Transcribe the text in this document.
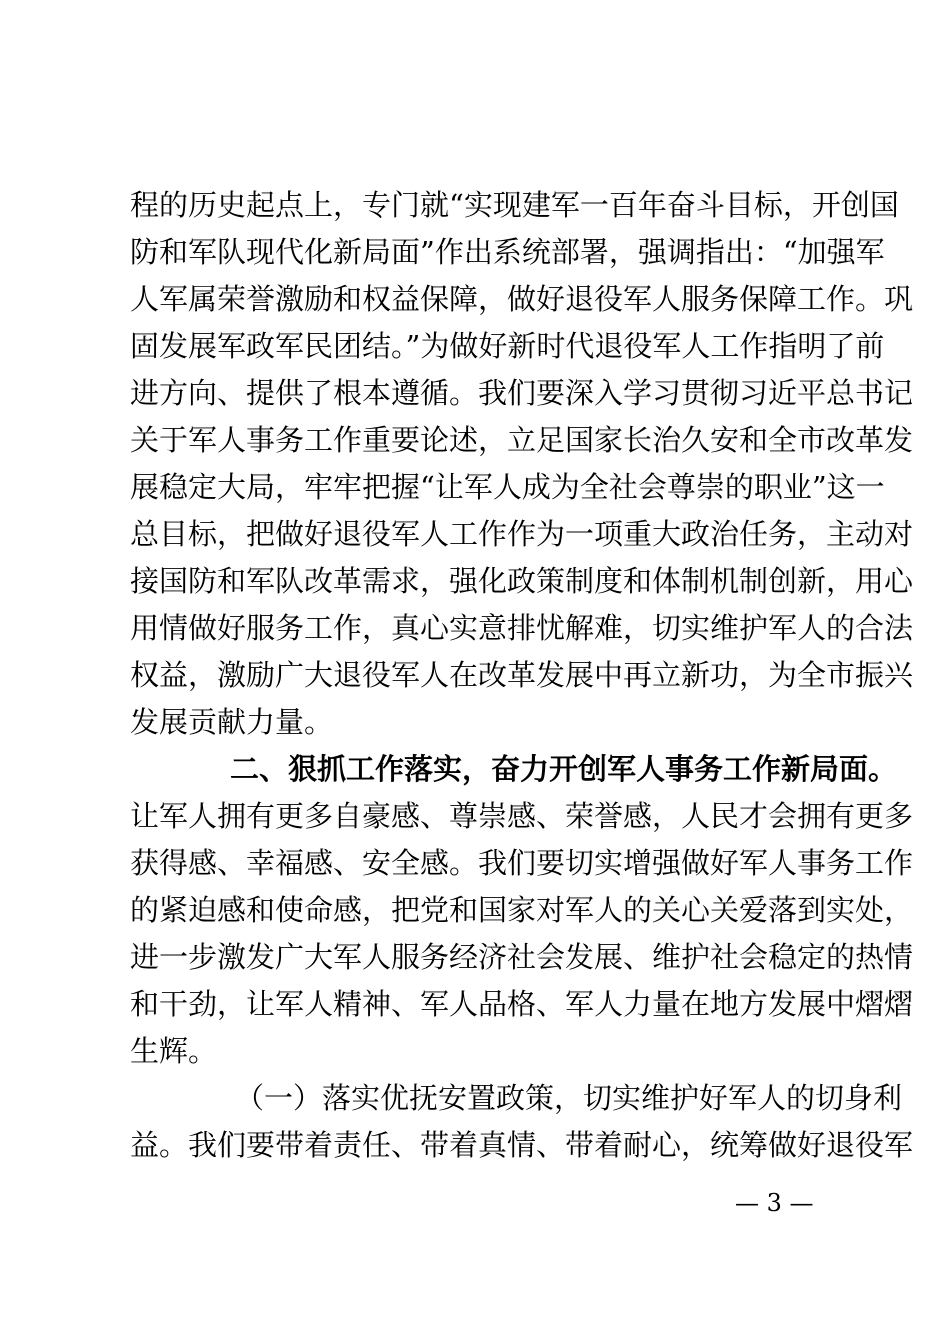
程的历史起点上，专门就“实现建军一百年奋斗目标，开创国
防和军队现代化新局面”作出系统部署，强调指出：“加强军
人军属荣誉激励和权益保障，做好退役军人服务保障工作。巩
固发展军政军民团结。”为做好新时代退役军人工作指明了前
进方向、提供了根本遵循。我们要深入学习贯彻习近平总书记
关于军人事务工作重要论述，立足国家长治久安和全市改革发
展稳定大局，牢牢把握“让军人成为全社会尊崇的职业”这一
总目标，把做好退役军人工作作为一项重大政治任务，主动对
接国防和军队改革需求，强化政策制度和体制机制创新，用心
用情做好服务工作，真心实意排忧解难，切实维护军人的合法
权益，激励广大退役军人在改革发展中再立新功，为全市振兴
发展贡献力量。
二、狠抓工作落实，奋力开创军人事务工作新局面。
让军人拥有更多自豪感、尊崇感、荣誉感，人民才会拥有更多
获得感、幸福感、安全感。我们要切实增强做好军人事务工作
的紧迫感和使命感，把党和国家对军人的关心关爱落到实处，
进一步激发广大军人服务经济社会发展、维护社会稳定的热情
和干劲，让军人精神、军人品格、军人力量在地方发展中熠熠
生辉。
（一）落实优抚安置政策，切实维护好军人的切身利
益。我们要带着责任、带着真情、带着耐心，统筹做好退役军
— 3 —
